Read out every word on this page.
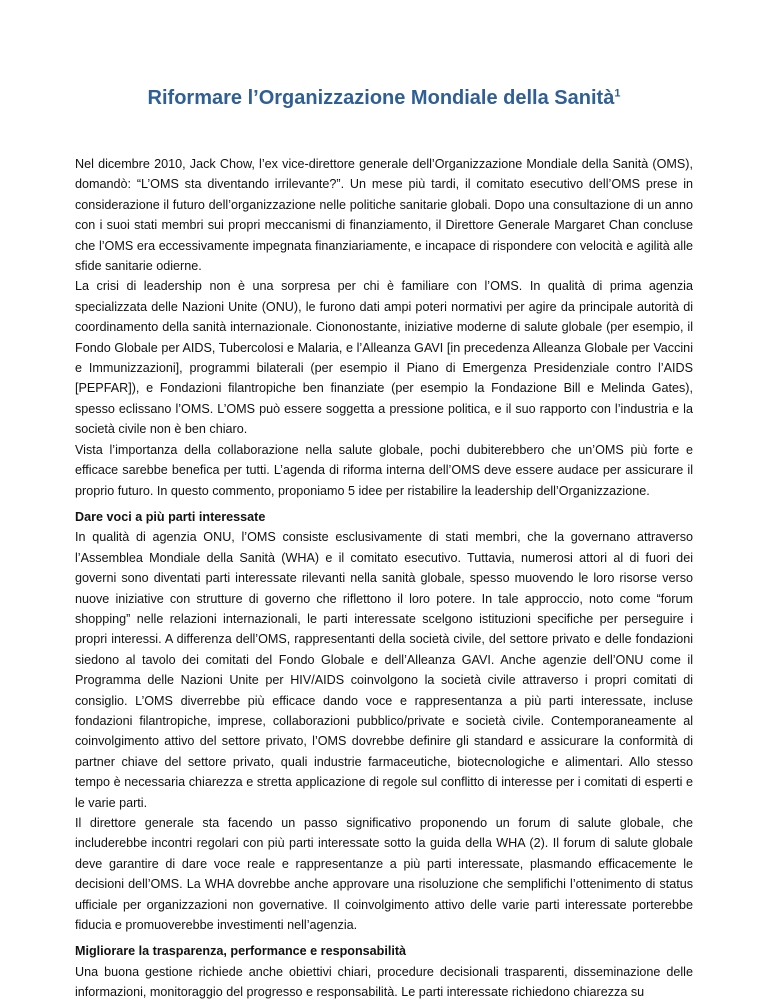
Riformare l’Organizzazione Mondiale della Sanità$^1$

Nel dicembre 2010, Jack Chow, l’ex vice-direttore generale dell’Organizzazione Mondiale della Sanità (OMS), domandò: “L’OMS sta diventando irrilevante?”. Un mese più tardi, il comitato esecutivo dell’OMS prese in considerazione il futuro dell’organizzazione nelle politiche sanitarie globali. Dopo una consultazione di un anno con i suoi stati membri sui propri meccanismi di finanziamento, il Direttore Generale Margaret Chan concluse che l’OMS era eccessivamente impegnata finanziariamente, e incapace di rispondere con velocità e agilità alle sfide sanitarie odierne.

La crisi di leadership non è una sorpresa per chi è familiare con l’OMS. In qualità di prima agenzia specializzata delle Nazioni Unite (ONU), le furono dati ampi poteri normativi per agire da principale autorità di coordinamento della sanità internazionale. Ciononostante, iniziative moderne di salute globale (per esempio, il Fondo Globale per AIDS, Tubercolosi e Malaria, e l’Alleanza GAVI [in precedenza Alleanza Globale per Vaccini e Immunizzazioni], programmi bilaterali (per esempio il Piano di Emergenza Presidenziale contro l’AIDS [PEPFAR]), e Fondazioni filantropiche ben finanziate (per esempio la Fondazione Bill e Melinda Gates), spesso eclissano l’OMS. L’OMS può essere soggetta a pressione politica, e il suo rapporto con l’industria e la società civile non è ben chiaro.

Vista l’importanza della collaborazione nella salute globale, pochi dubiterebbero che un’OMS più forte e efficace sarebbe benefica per tutti. L’agenda di riforma interna dell’OMS deve essere audace per assicurare il proprio futuro. In questo commento, proponiamo 5 idee per ristabilire la leadership dell’Organizzazione.

Dare voci a più parti interessate

In qualità di agenzia ONU, l’OMS consiste esclusivamente di stati membri, che la governano attraverso l’Assemblea Mondiale della Sanità (WHA) e il comitato esecutivo. Tuttavia, numerosi attori al di fuori dei governi sono diventati parti interessate rilevanti nella sanità globale, spesso muovendo le loro risorse verso nuove iniziative con strutture di governo che riflettono il loro potere. In tale approccio, noto come “forum shopping” nelle relazioni internazionali, le parti interessate scelgono istituzioni specifiche per perseguire i propri interessi. A differenza dell’OMS, rappresentanti della società civile, del settore privato e delle fondazioni siedono al tavolo dei comitati del Fondo Globale e dell’Alleanza GAVI. Anche agenzie dell’ONU come il Programma delle Nazioni Unite per HIV/AIDS coinvolgono la società civile attraverso i propri comitati di consiglio. L’OMS diverrebbe più efficace dando voce e rappresentanza a più parti interessate, incluse fondazioni filantropiche, imprese, collaborazioni pubblico/private e società civile. Contemporaneamente al coinvolgimento attivo del settore privato, l’OMS dovrebbe definire gli standard e assicurare la conformità di partner chiave del settore privato, quali industrie farmaceutiche, biotecnologiche e alimentari. Allo stesso tempo è necessaria chiarezza e stretta applicazione di regole sul conflitto di interesse per i comitati di esperti e le varie parti.

Il direttore generale sta facendo un passo significativo proponendo un forum di salute globale, che includerebbe incontri regolari con più parti interessate sotto la guida della WHA (2). Il forum di salute globale deve garantire di dare voce reale e rappresentanze a più parti interessate, plasmando efficacemente le decisioni dell’OMS. La WHA dovrebbe anche approvare una risoluzione che semplifichi l’ottenimento di status ufficiale per organizzazioni non governative. Il coinvolgimento attivo delle varie parti interessate porterebbe fiducia e promuoverebbe investimenti nell’agenzia.

Migliorare la trasparenza, performance e responsabilità

Una buona gestione richiede anche obiettivi chiari, procedure decisionali trasparenti, disseminazione delle informazioni, monitoraggio del progresso e responsabilità. Le parti interessate richiedono chiarezza su
